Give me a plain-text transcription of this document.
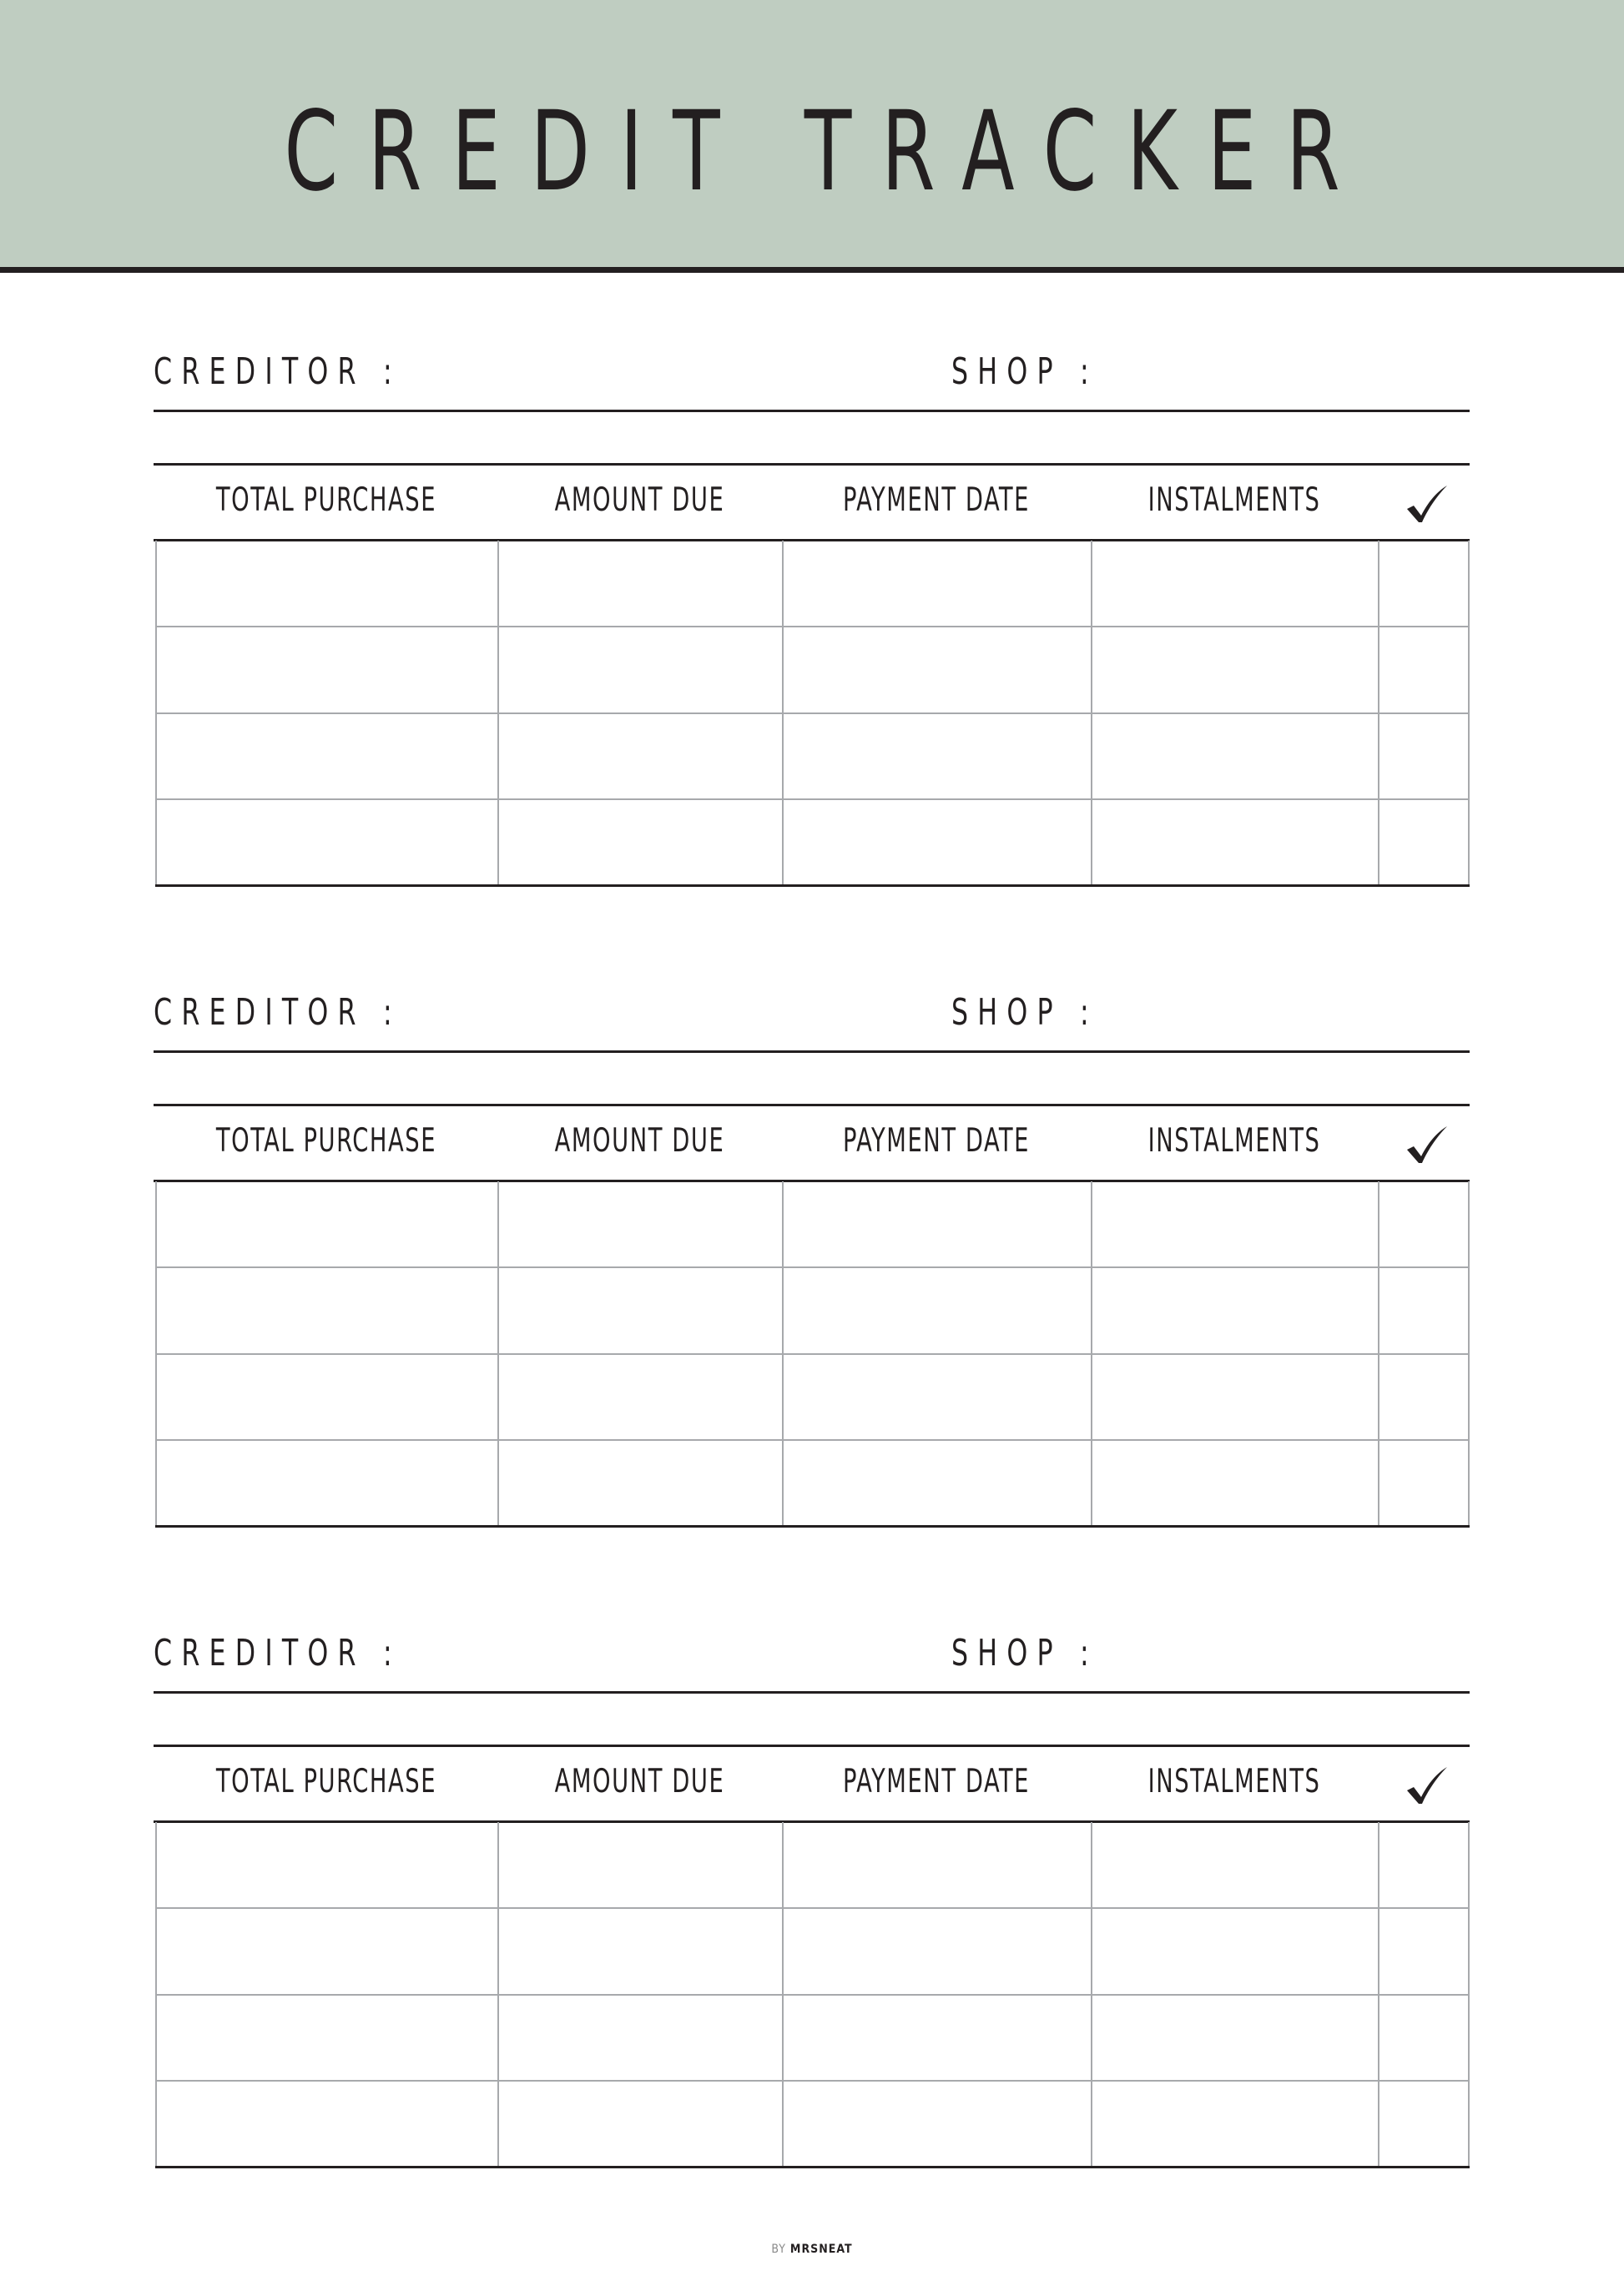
CREDIT TRACKER
CREDITOR :	SHOP :
TOTAL PURCHASE	AMOUNT DUE	PAYMENT DATE	INSTALMENTS
CREDITOR :	SHOP :
TOTAL PURCHASE	AMOUNT DUE	PAYMENT DATE	INSTALMENTS
CREDITOR :	SHOP :
TOTAL PURCHASE	AMOUNT DUE	PAYMENT DATE	INSTALMENTS
BY MRSNEAT
